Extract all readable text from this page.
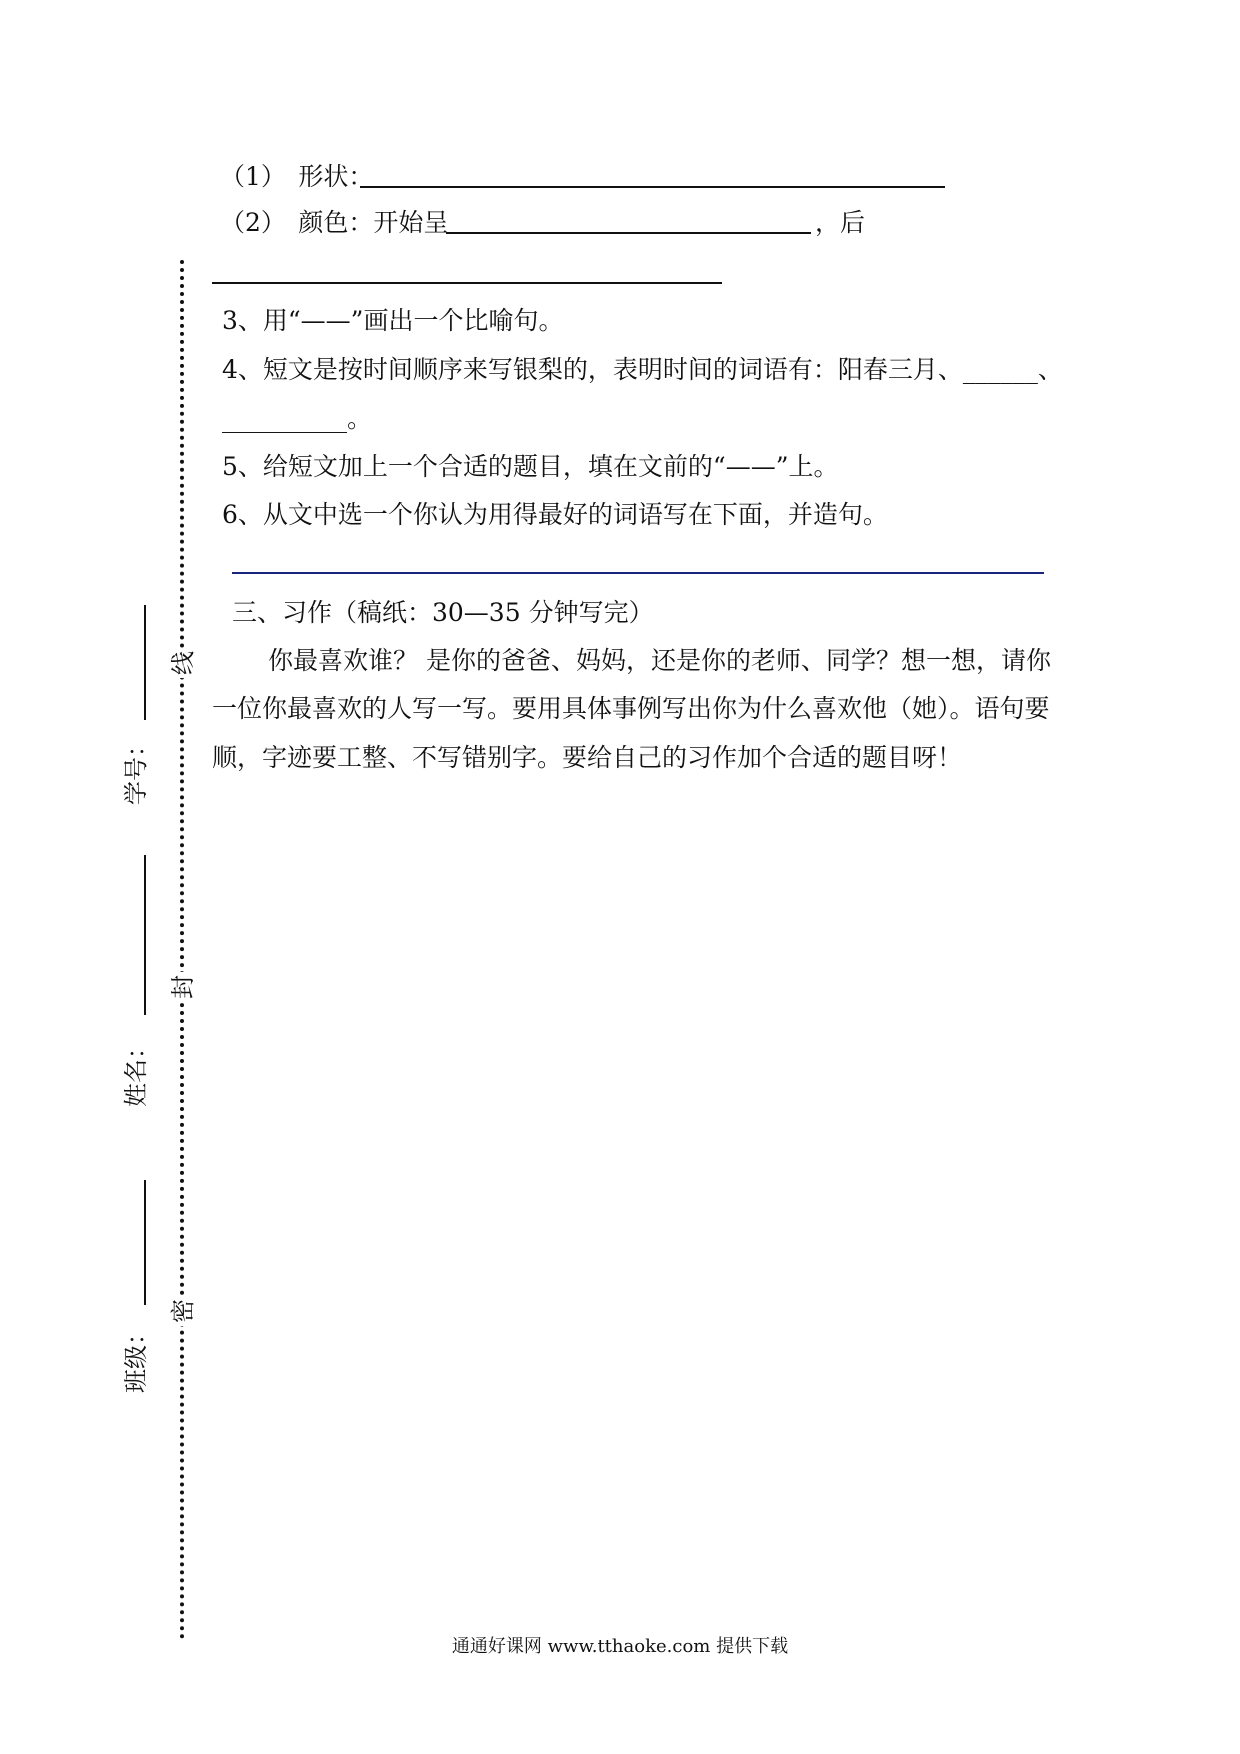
（1）　形状：
（2）　颜色：开始呈	，后
3、用“——”画出一个比喻句。
4、短文是按时间顺序来写银梨的，表明时间的词语有：阳春三月、______、
__________。
5、给短文加上一个合适的题目，填在文前的“——”上。
6、从文中选一个你认为用得最好的词语写在下面，并造句。
三、习作（稿纸：30—35 分钟写完）
你最喜欢谁？ 是你的爸爸、妈妈，还是你的老师、同学？想一想，请你
一位你最喜欢的人写一写。要用具体事例写出你为什么喜欢他（她）。语句要
顺，字迹要工整、不写错别字。要给自己的习作加个合适的题目呀！
线
封
密
学号：
姓名：
班级：
通通好课网 www.tthaoke.com 提供下载
